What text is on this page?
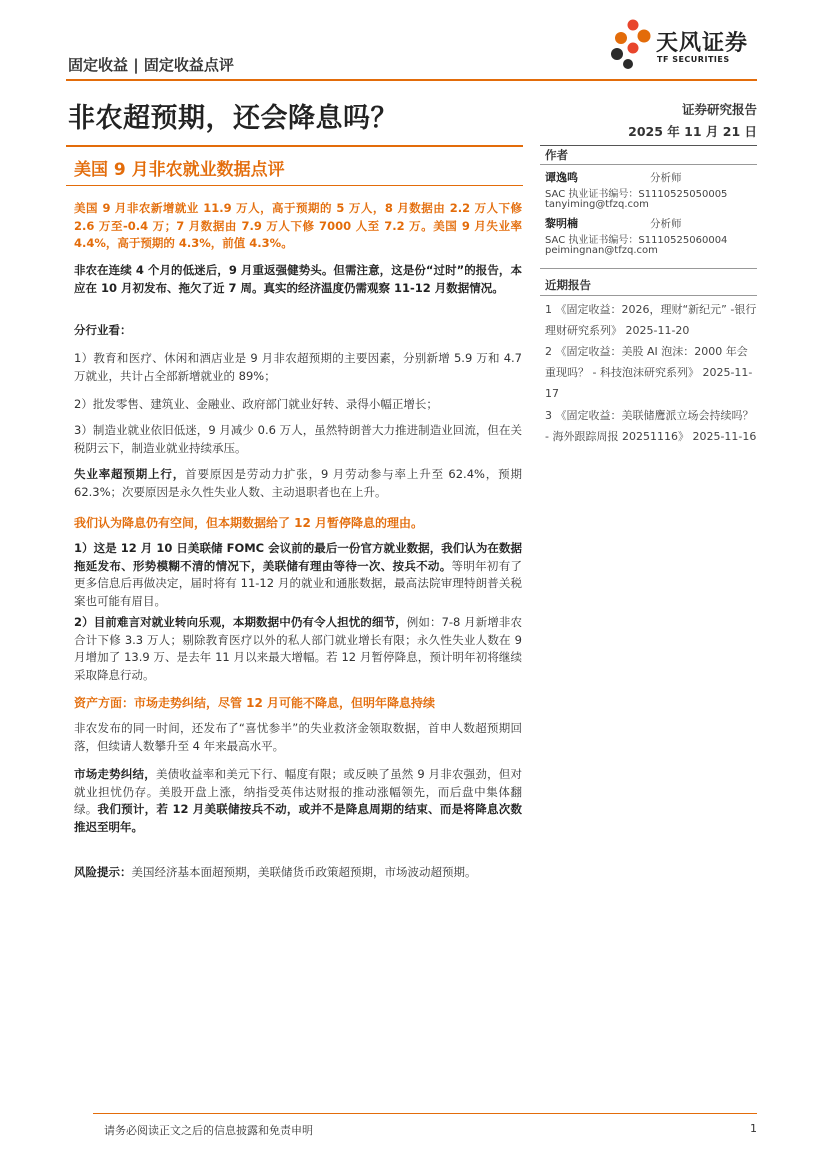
固定收益 | 固定收益点评
天风证券
TF SECURITIES
非农超预期，还会降息吗？	证券研究报告
2025 年 11 月 21 日
美国 9 月非农就业数据点评
美国 9 月非农新增就业 11.9 万人，高于预期的 5 万人，8 月数据由 2.2 万人下修 2.6 万至-0.4 万；7 月数据由 7.9 万人下修 7000 人至 7.2 万。美国 9 月失业率 4.4%，高于预期的 4.3%，前值 4.3%。
非农在连续 4 个月的低迷后，9 月重返强健势头。但需注意，这是份“过时”的报告，本应在 10 月初发布、拖欠了近 7 周。真实的经济温度仍需观察 11-12 月数据情况。
分行业看：
1）教育和医疗、休闲和酒店业是 9 月非农超预期的主要因素，分别新增 5.9 万和 4.7 万就业，共计占全部新增就业的 89%；
2）批发零售、建筑业、金融业、政府部门就业好转、录得小幅正增长；
3）制造业就业依旧低迷，9 月减少 0.6 万人，虽然特朗普大力推进制造业回流，但在关税阴云下，制造业就业持续承压。
失业率超预期上行，首要原因是劳动力扩张，9 月劳动参与率上升至 62.4%，预期 62.3%；次要原因是永久性失业人数、主动退职者也在上升。
我们认为降息仍有空间，但本期数据给了 12 月暂停降息的理由。
1）这是 12 月 10 日美联储 FOMC 会议前的最后一份官方就业数据，我们认为在数据拖延发布、形势模糊不清的情况下，美联储有理由等待一次、按兵不动。等明年初有了更多信息后再做决定，届时将有 11-12 月的就业和通胀数据，最高法院审理特朗普关税案也可能有眉目。
2）目前难言对就业转向乐观，本期数据中仍有令人担忧的细节，例如：7-8 月新增非农合计下修 3.3 万人；剔除教育医疗以外的私人部门就业增长有限；永久性失业人数在 9 月增加了 13.9 万、是去年 11 月以来最大增幅。若 12 月暂停降息，预计明年初将继续采取降息行动。
资产方面：市场走势纠结，尽管 12 月可能不降息，但明年降息持续
非农发布的同一时间，还发布了“喜忧参半”的失业救济金领取数据，首申人数超预期回落，但续请人数攀升至 4 年来最高水平。
市场走势纠结，美债收益率和美元下行、幅度有限；或反映了虽然 9 月非农强劲，但对就业担忧仍存。美股开盘上涨，纳指受英伟达财报的推动涨幅领先，而后盘中集体翻绿。我们预计，若 12 月美联储按兵不动，或并不是降息周期的结束、而是将降息次数推迟至明年。
风险提示：美国经济基本面超预期，美联储货币政策超预期，市场波动超预期。
作者
谭逸鸣	分析师
SAC 执业证书编号：S1110525050005
tanyiming@tfzq.com
黎明楠	分析师
SAC 执业证书编号：S1110525060004
peimingnan@tfzq.com
近期报告
1 《固定收益：2026，理财“新纪元” -银行理财研究系列》 2025-11-20
2 《固定收益：美股 AI 泡沫：2000 年会重现吗？ - 科技泡沫研究系列》 2025-11-17
3 《固定收益：美联储鹰派立场会持续吗？ - 海外跟踪周报 20251116》 2025-11-16
请务必阅读正文之后的信息披露和免责申明	1
